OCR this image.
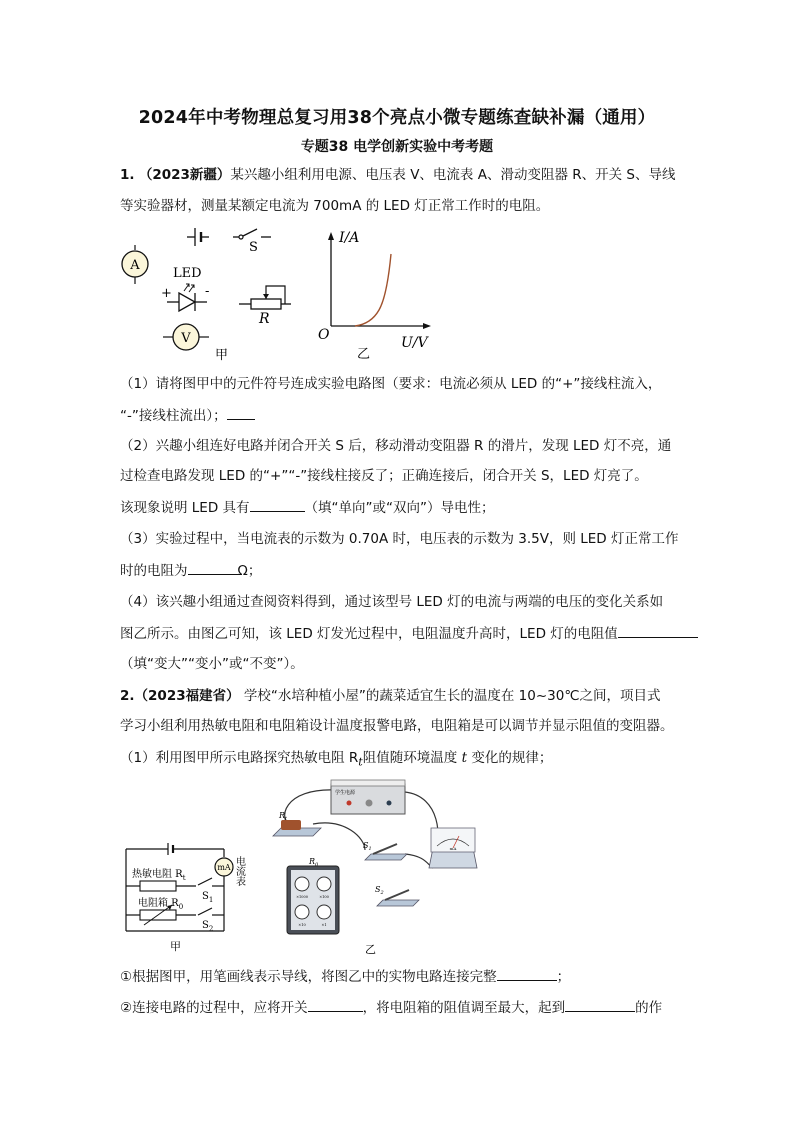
2024年中考物理总复习用38个亮点小微专题练查缺补漏（通用）
专题38 电学创新实验中考考题
1. （2023新疆）某兴趣小组利用电源、电压表 V、电流表 A、滑动变阻器 R、开关 S、导线
等实验器材，测量某额定电流为 700mA 的 LED 灯正常工作时的电阻。
S
A
LED
+	-
V
R
甲
I/A
U/V
O
乙
（1）请将图甲中的元件符号连成实验电路图（要求：电流必须从 LED 的“+”接线柱流入，
“-”接线柱流出）；
（2）兴趣小组连好电路并闭合开关 S 后，移动滑动变阻器 R 的滑片，发现 LED 灯不亮，通
过检查电路发现 LED 的“+”“-”接线柱接反了；正确连接后，闭合开关 S，LED 灯亮了。
该现象说明 LED 具有	（填“单向”或“双向”）导电性；
（3）实验过程中，当电流表的示数为 0.70A 时，电压表的示数为 3.5V，则 LED 灯正常工作
时的电阻为	Ω；
（4）该兴趣小组通过查阅资料得到，通过该型号 LED 灯的电流与两端的电压的变化关系如
图乙所示。由图乙可知，该 LED 灯发光过程中，电阻温度升高时，LED 灯的电阻值
（填“变大”“变小”或“不变”）。
2.（2023福建省） 学校“水培种植小屋”的蔬菜适宜生长的温度在 10~30℃之间，项目式
学习小组利用热敏电阻和电阻箱设计温度报警电路，电阻箱是可以调节并显示阻值的变阻器。
（1）利用图甲所示电路探究热敏电阻 $R_t$阻值随环境温度 t 变化的规律；
mA 电流表
热敏电阻 $R_t$
$S_1$
电阻箱 $R_0$
$S_2$
甲
学生电源
$R_t$
$S_1$
$S_2$
×1000	×100
×10	×1
$R_0$
mA
乙
①根据图甲，用笔画线表示导线，将图乙中的实物电路连接完整	；
②连接电路的过程中，应将开关	，将电阻箱的阻值调至最大，起到	的作
